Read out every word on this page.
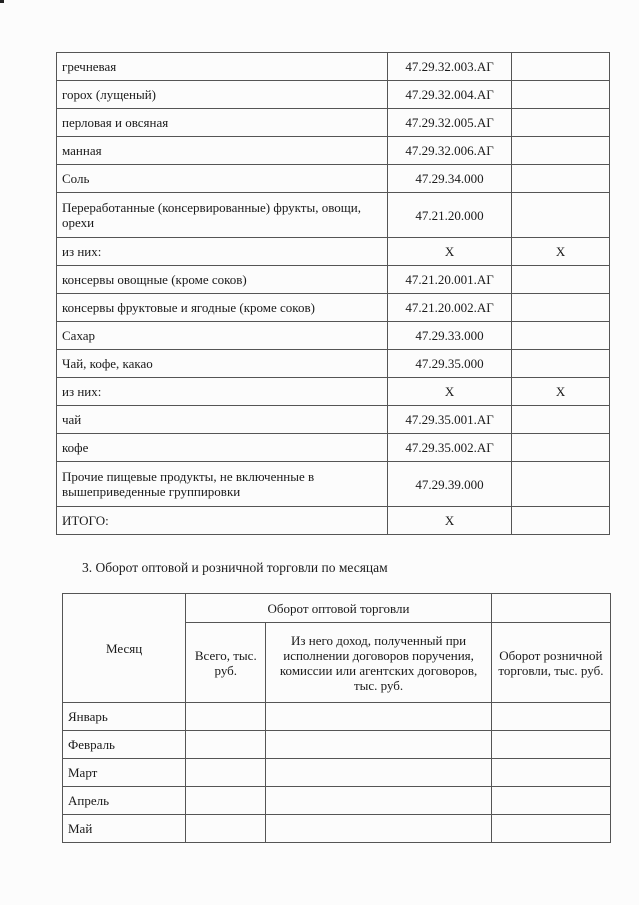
гречневая	47.29.32.003.АГ	
горох (лущеный)	47.29.32.004.АГ	
перловая и овсяная	47.29.32.005.АГ	
манная	47.29.32.006.АГ	
Соль	47.29.34.000	
Переработанные (консервированные) фрукты, овощи, орехи	47.21.20.000	
из них:	Х	Х
консервы овощные (кроме соков)	47.21.20.001.АГ	
консервы фруктовые и ягодные (кроме соков)	47.21.20.002.АГ	
Сахар	47.29.33.000	
Чай, кофе, какао	47.29.35.000	
из них:	Х	Х
чай	47.29.35.001.АГ	
кофе	47.29.35.002.АГ	
Прочие пищевые продукты, не включенные в вышеприведенные группировки	47.29.39.000	
ИТОГО:	Х	

3. Оборот оптовой и розничной торговли по месяцам

Месяц	Оборот оптовой торговли		
	Всего, тыс. руб.	Из него доход, полученный при исполнении договоров поручения, комиссии или агентских договоров, тыс. руб.	Оборот розничной торговли, тыс. руб.
Январь			
Февраль			
Март			
Апрель			
Май			
